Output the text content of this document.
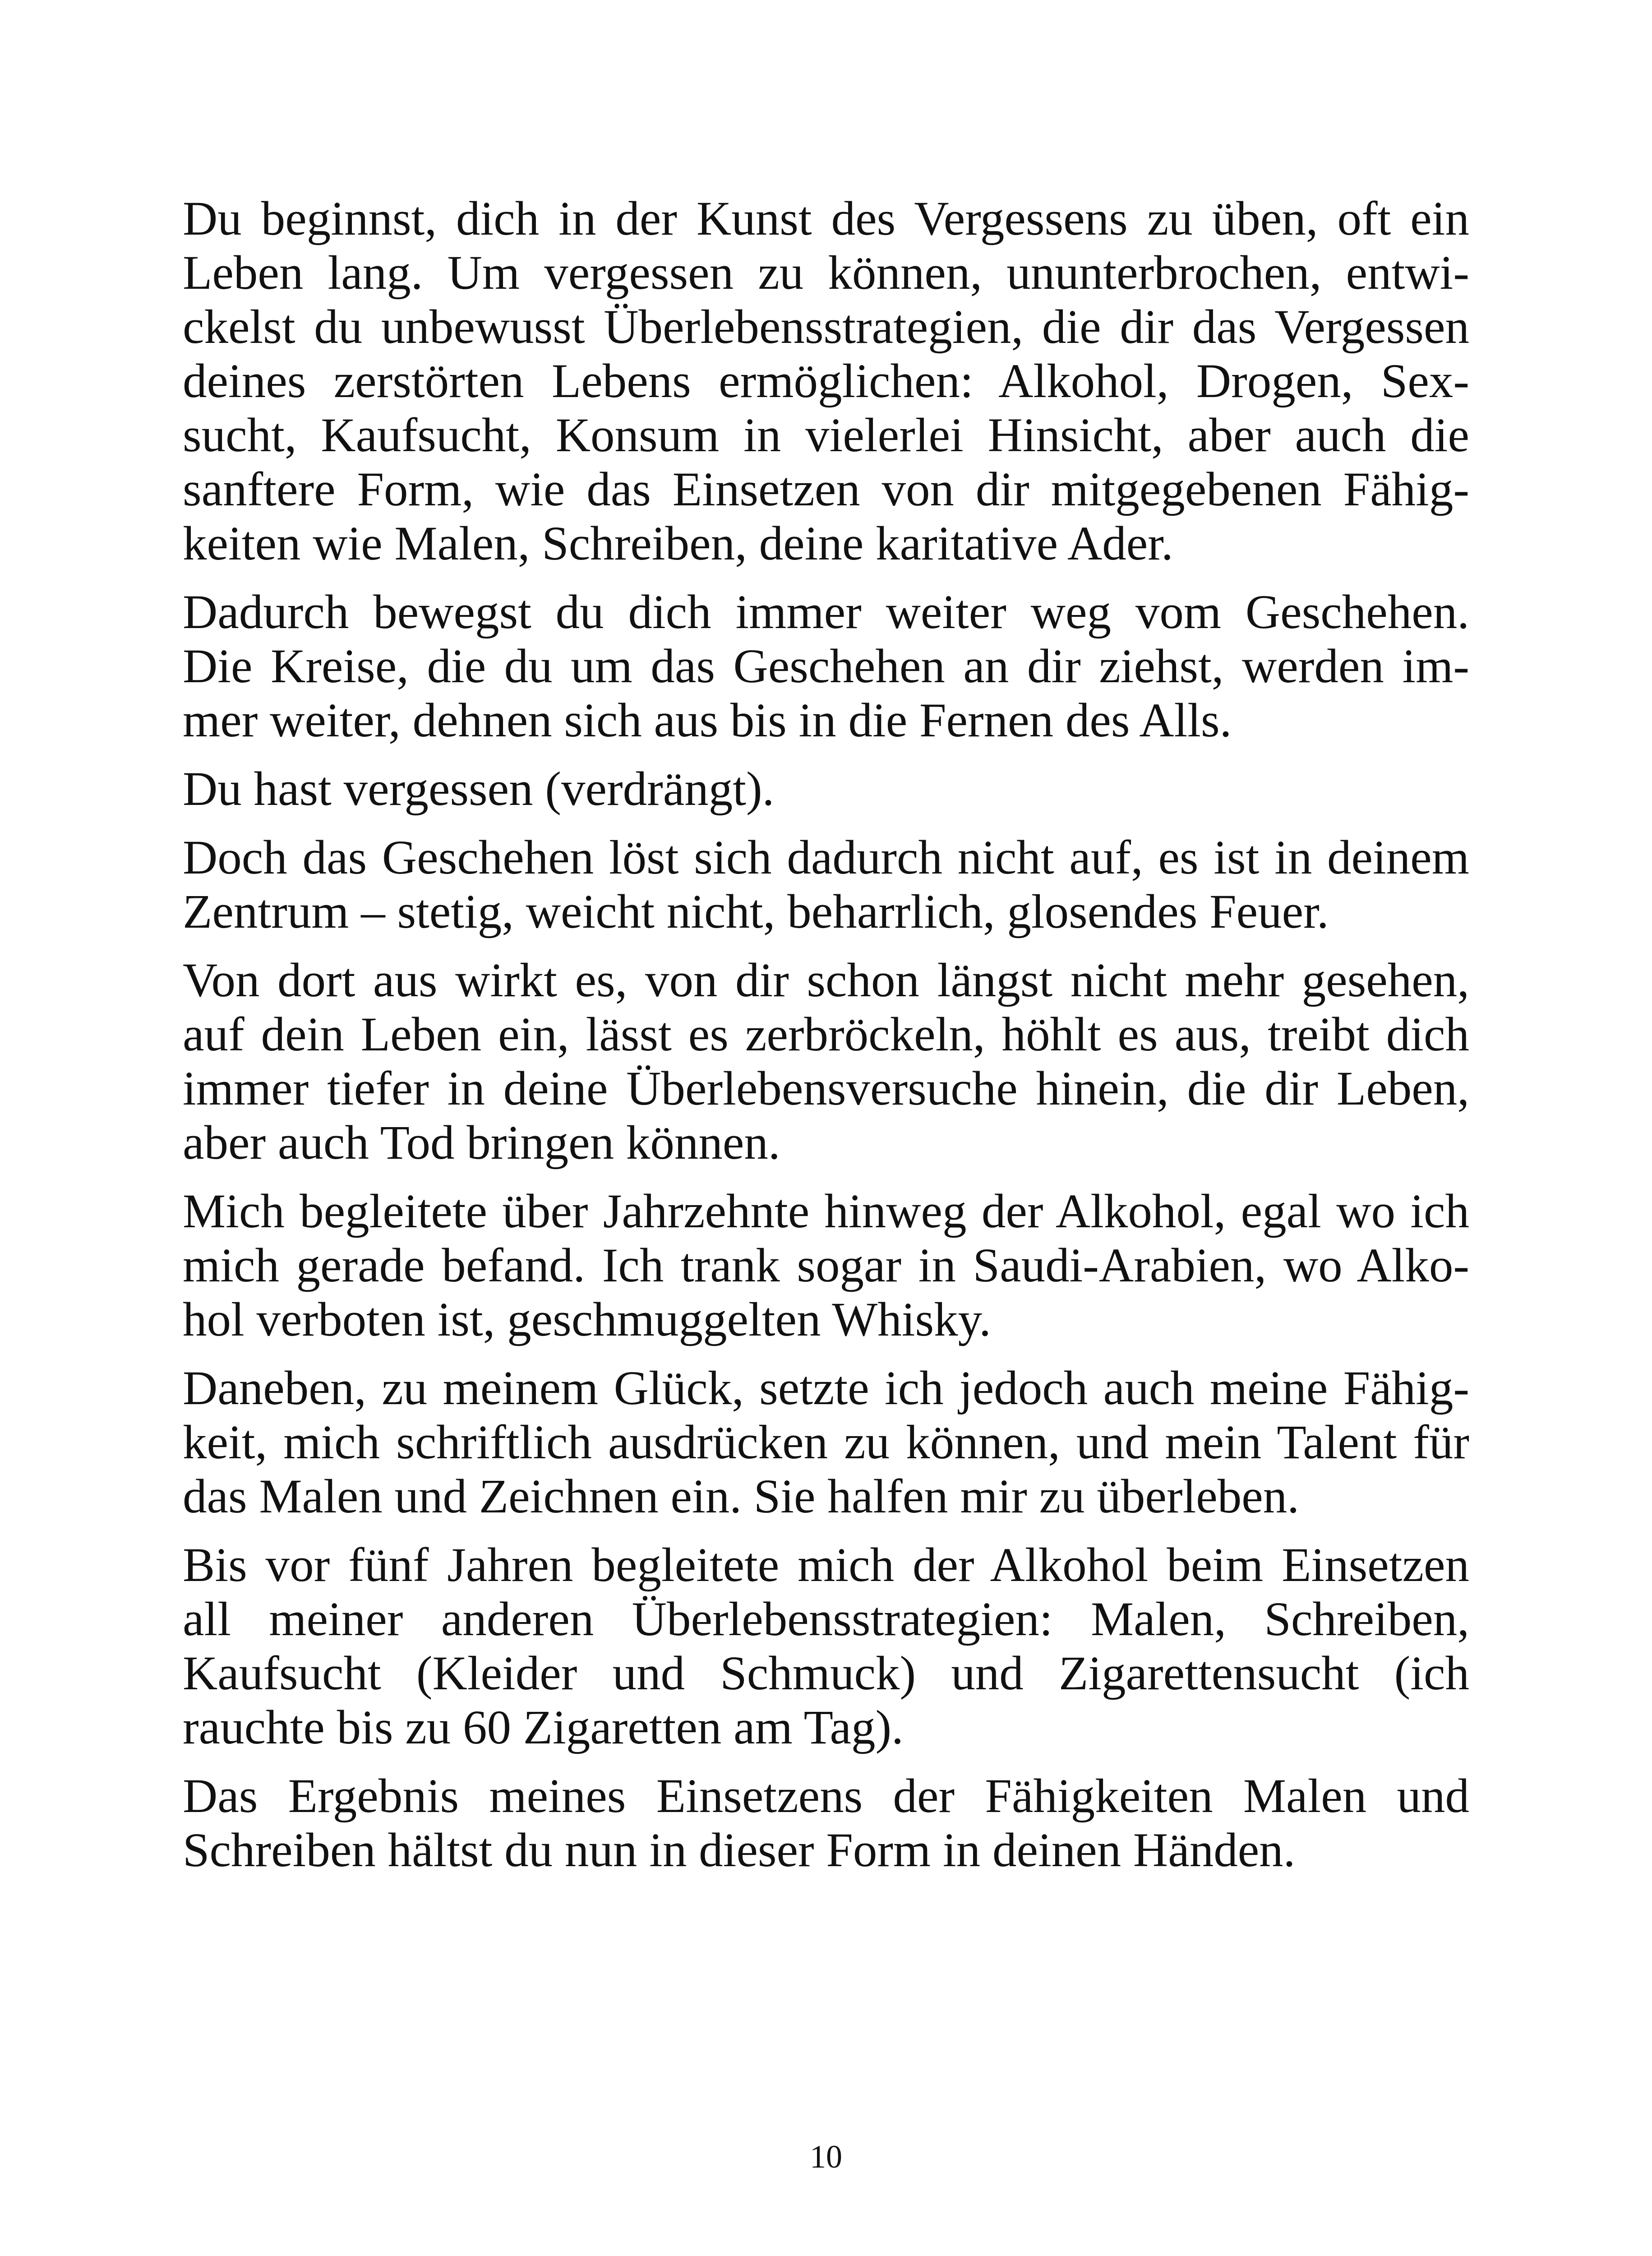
Du beginnst, dich in der Kunst des Vergessens zu üben, oft ein
Leben lang. Um vergessen zu können, ununterbrochen, entwi-
ckelst du unbewusst Überlebensstrategien, die dir das Vergessen
deines zerstörten Lebens ermöglichen: Alkohol, Drogen, Sex-
sucht, Kaufsucht, Konsum in vielerlei Hinsicht, aber auch die
sanftere Form, wie das Einsetzen von dir mitgegebenen Fähig-
keiten wie Malen, Schreiben, deine karitative Ader.

Dadurch bewegst du dich immer weiter weg vom Geschehen.
Die Kreise, die du um das Geschehen an dir ziehst, werden im-
mer weiter, dehnen sich aus bis in die Fernen des Alls.

Du hast vergessen (verdrängt).

Doch das Geschehen löst sich dadurch nicht auf, es ist in deinem
Zentrum – stetig, weicht nicht, beharrlich, glosendes Feuer.

Von dort aus wirkt es, von dir schon längst nicht mehr gesehen,
auf dein Leben ein, lässt es zerbröckeln, höhlt es aus, treibt dich
immer tiefer in deine Überlebensversuche hinein, die dir Leben,
aber auch Tod bringen können.

Mich begleitete über Jahrzehnte hinweg der Alkohol, egal wo ich
mich gerade befand. Ich trank sogar in Saudi-Arabien, wo Alko-
hol verboten ist, geschmuggelten Whisky.

Daneben, zu meinem Glück, setzte ich jedoch auch meine Fähig-
keit, mich schriftlich ausdrücken zu können, und mein Talent für
das Malen und Zeichnen ein. Sie halfen mir zu überleben.

Bis vor fünf Jahren begleitete mich der Alkohol beim Einsetzen
all meiner anderen Überlebensstrategien: Malen, Schreiben,
Kaufsucht (Kleider und Schmuck) und Zigarettensucht (ich
rauchte bis zu 60 Zigaretten am Tag).

Das Ergebnis meines Einsetzens der Fähigkeiten Malen und
Schreiben hältst du nun in dieser Form in deinen Händen.

10
